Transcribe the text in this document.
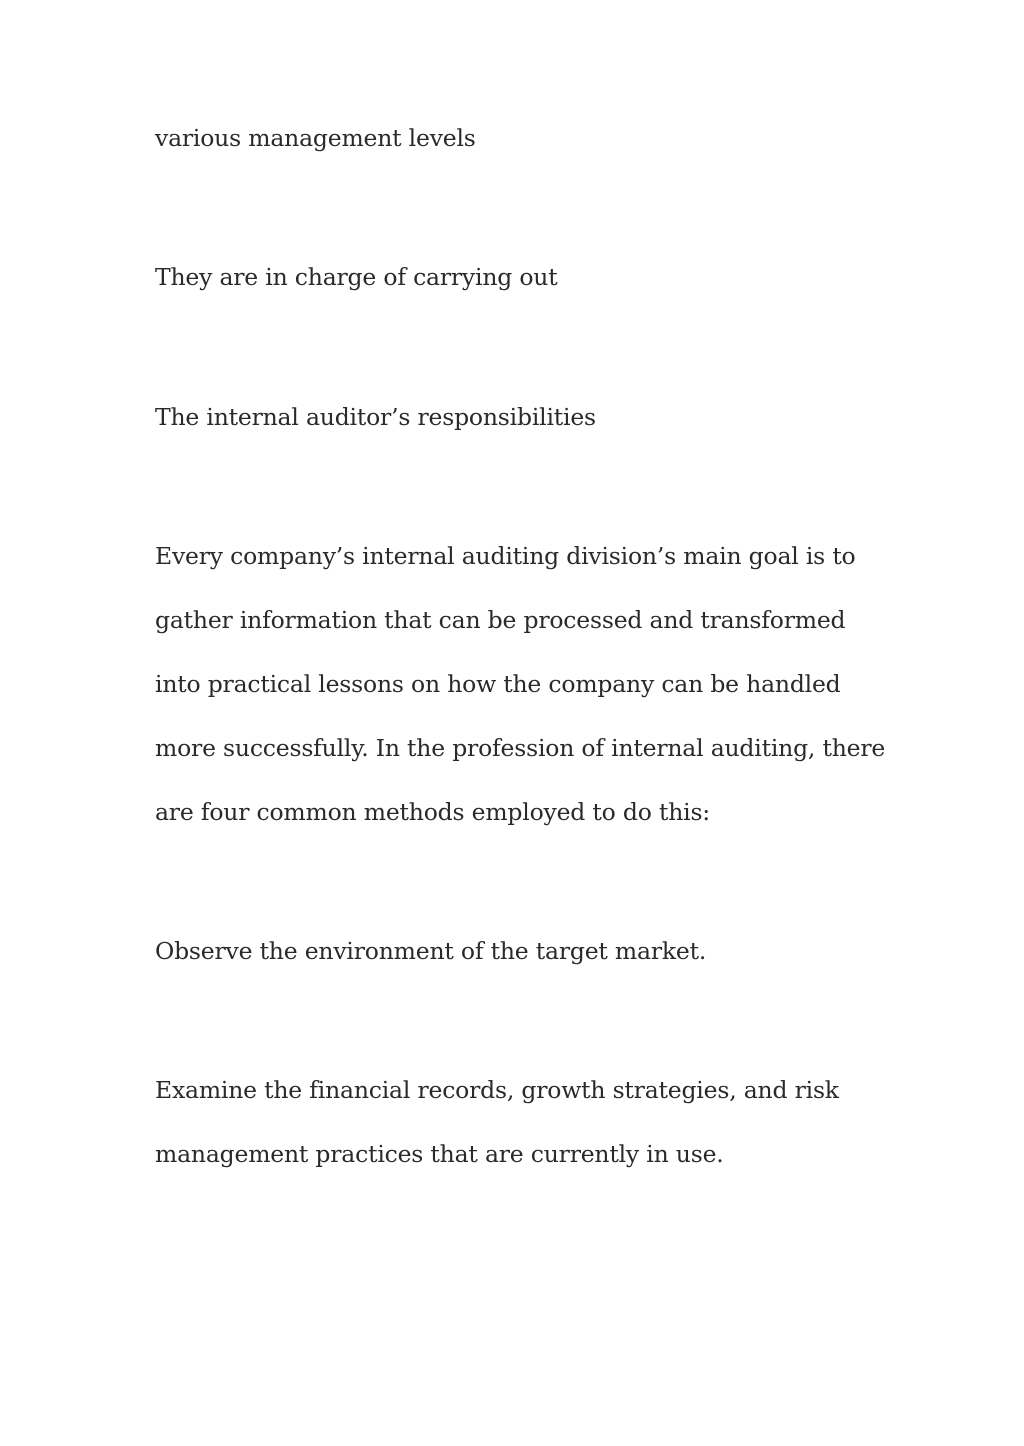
various management levels

They are in charge of carrying out

The internal auditor’s responsibilities

Every company’s internal auditing division’s main goal is to

gather information that can be processed and transformed

into practical lessons on how the company can be handled

more successfully. In the profession of internal auditing, there

are four common methods employed to do this:

Observe the environment of the target market.

Examine the financial records, growth strategies, and risk

management practices that are currently in use.
